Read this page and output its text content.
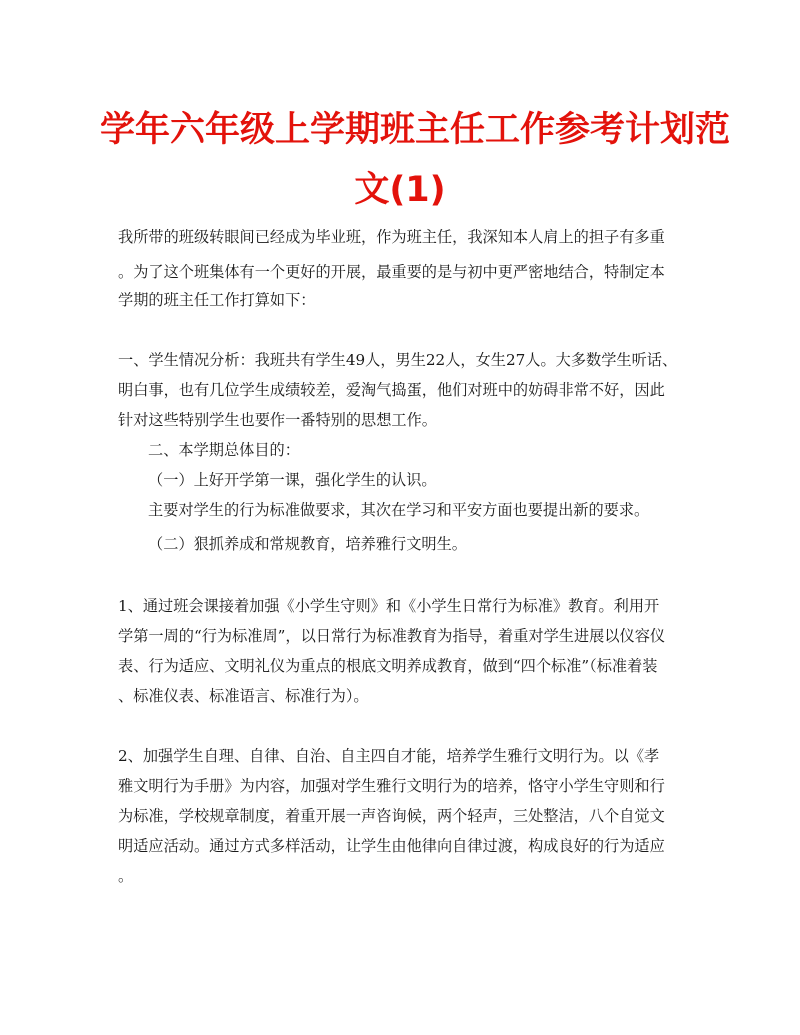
学年六年级上学期班主任工作参考计划范
文(1)
我所带的班级转眼间已经成为毕业班，作为班主任，我深知本人肩上的担子有多重
。为了这个班集体有一个更好的开展，最重要的是与初中更严密地结合，特制定本
学期的班主任工作打算如下：
一、学生情况分析：我班共有学生49人，男生22人，女生27人。大多数学生听话、
明白事，也有几位学生成绩较差，爱淘气捣蛋，他们对班中的妨碍非常不好，因此
针对这些特别学生也要作一番特别的思想工作。
二、本学期总体目的：
（一）上好开学第一课，强化学生的认识。
主要对学生的行为标准做要求，其次在学习和平安方面也要提出新的要求。
（二）狠抓养成和常规教育，培养雅行文明生。
1、通过班会课接着加强《小学生守则》和《小学生日常行为标准》教育。利用开
学第一周的“行为标准周”，以日常行为标准教育为指导，着重对学生进展以仪容仪
表、行为适应、文明礼仪为重点的根底文明养成教育，做到“四个标准”（标准着装
、标准仪表、标准语言、标准行为）。
2、加强学生自理、自律、自治、自主四自才能，培养学生雅行文明行为。以《孝
雅文明行为手册》为内容，加强对学生雅行文明行为的培养，恪守小学生守则和行
为标准，学校规章制度，着重开展一声咨询候，两个轻声，三处整洁，八个自觉文
明适应活动。通过方式多样活动，让学生由他律向自律过渡，构成良好的行为适应
。
